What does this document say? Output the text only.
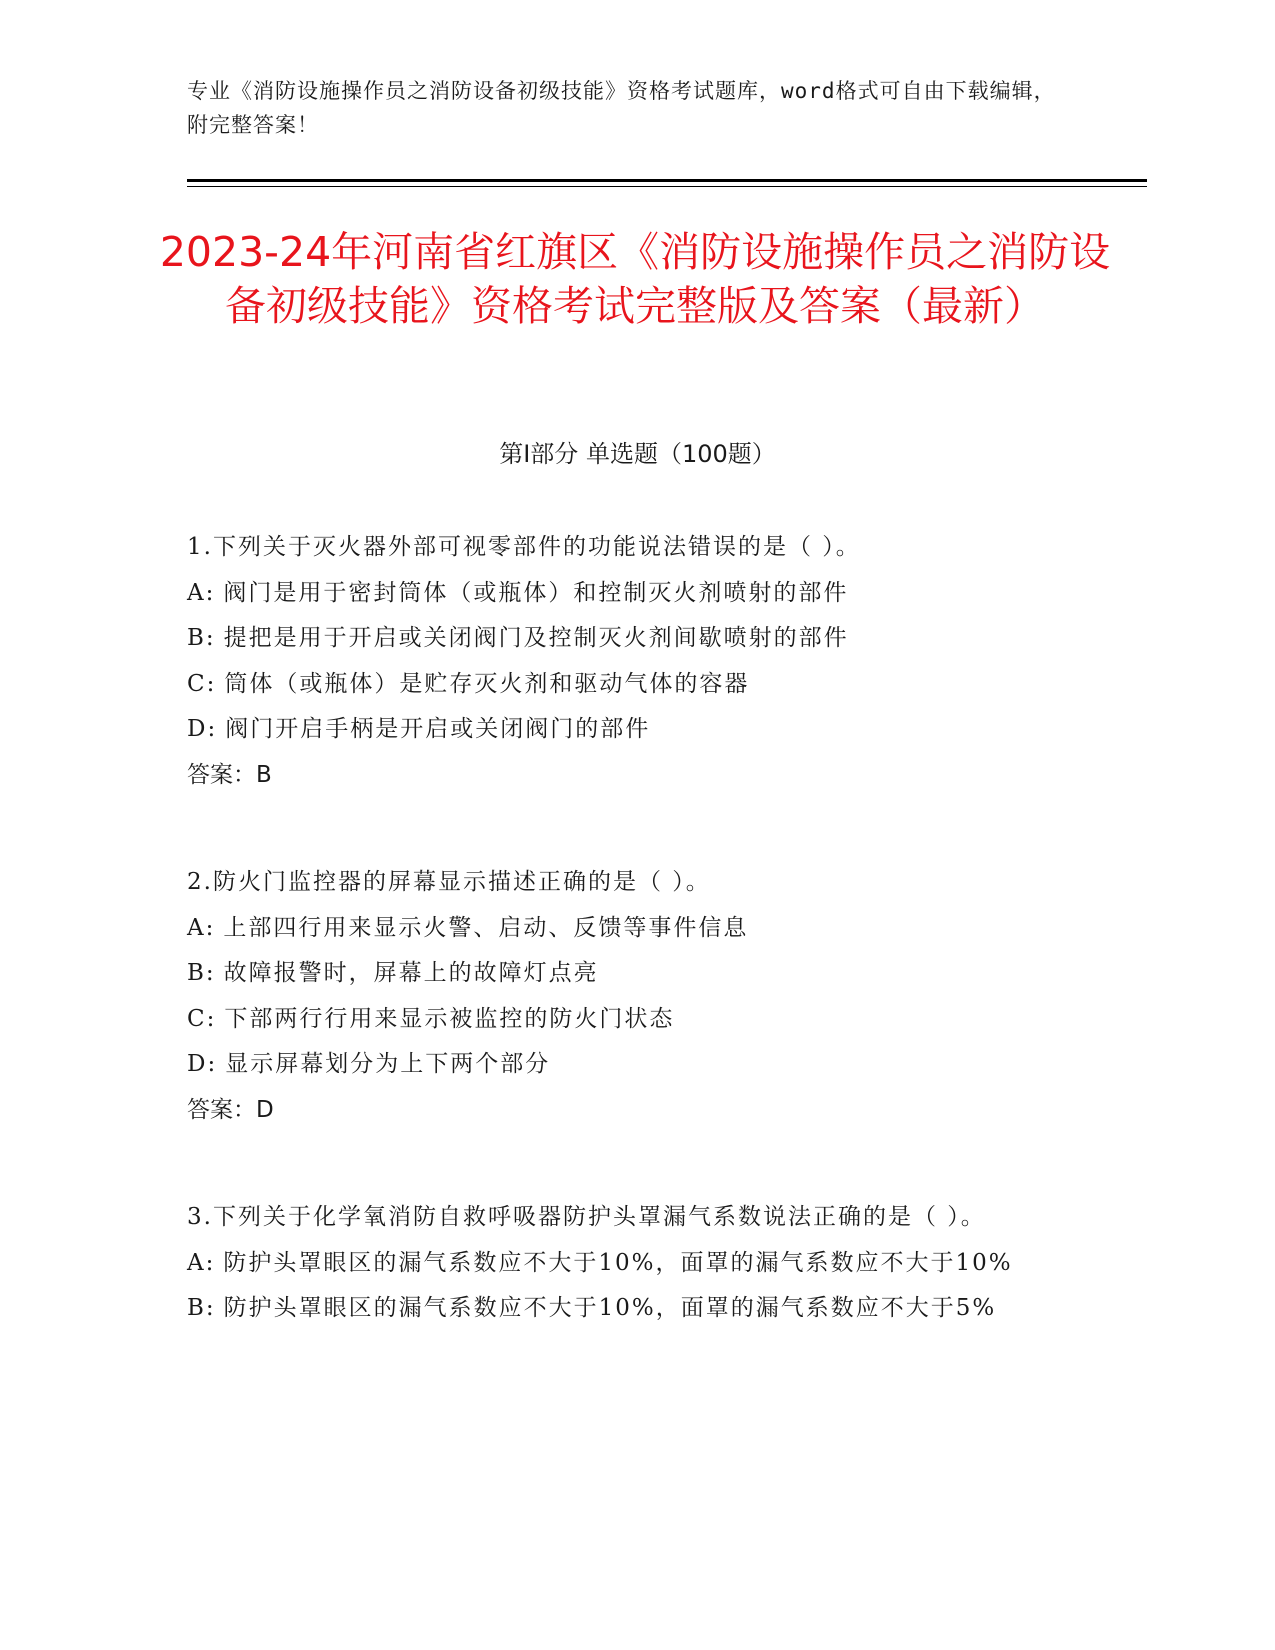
专业《消防设施操作员之消防设备初级技能》资格考试题库，word格式可自由下载编辑，附完整答案！
2023-24年河南省红旗区《消防设施操作员之消防设备初级技能》资格考试完整版及答案（最新）
第I部分 单选题（100题）
1.下列关于灭火器外部可视零部件的功能说法错误的是（ ）。
A: 阀门是用于密封筒体（或瓶体）和控制灭火剂喷射的部件
B: 提把是用于开启或关闭阀门及控制灭火剂间歇喷射的部件
C: 筒体（或瓶体）是贮存灭火剂和驱动气体的容器
D: 阀门开启手柄是开启或关闭阀门的部件
答案：B
2.防火门监控器的屏幕显示描述正确的是（ ）。
A: 上部四行用来显示火警、启动、反馈等事件信息
B: 故障报警时，屏幕上的故障灯点亮
C: 下部两行行用来显示被监控的防火门状态
D: 显示屏幕划分为上下两个部分
答案：D
3.下列关于化学氧消防自救呼吸器防护头罩漏气系数说法正确的是（ ）。
A: 防护头罩眼区的漏气系数应不大于10%，面罩的漏气系数应不大于10%
B: 防护头罩眼区的漏气系数应不大于10%，面罩的漏气系数应不大于5%
